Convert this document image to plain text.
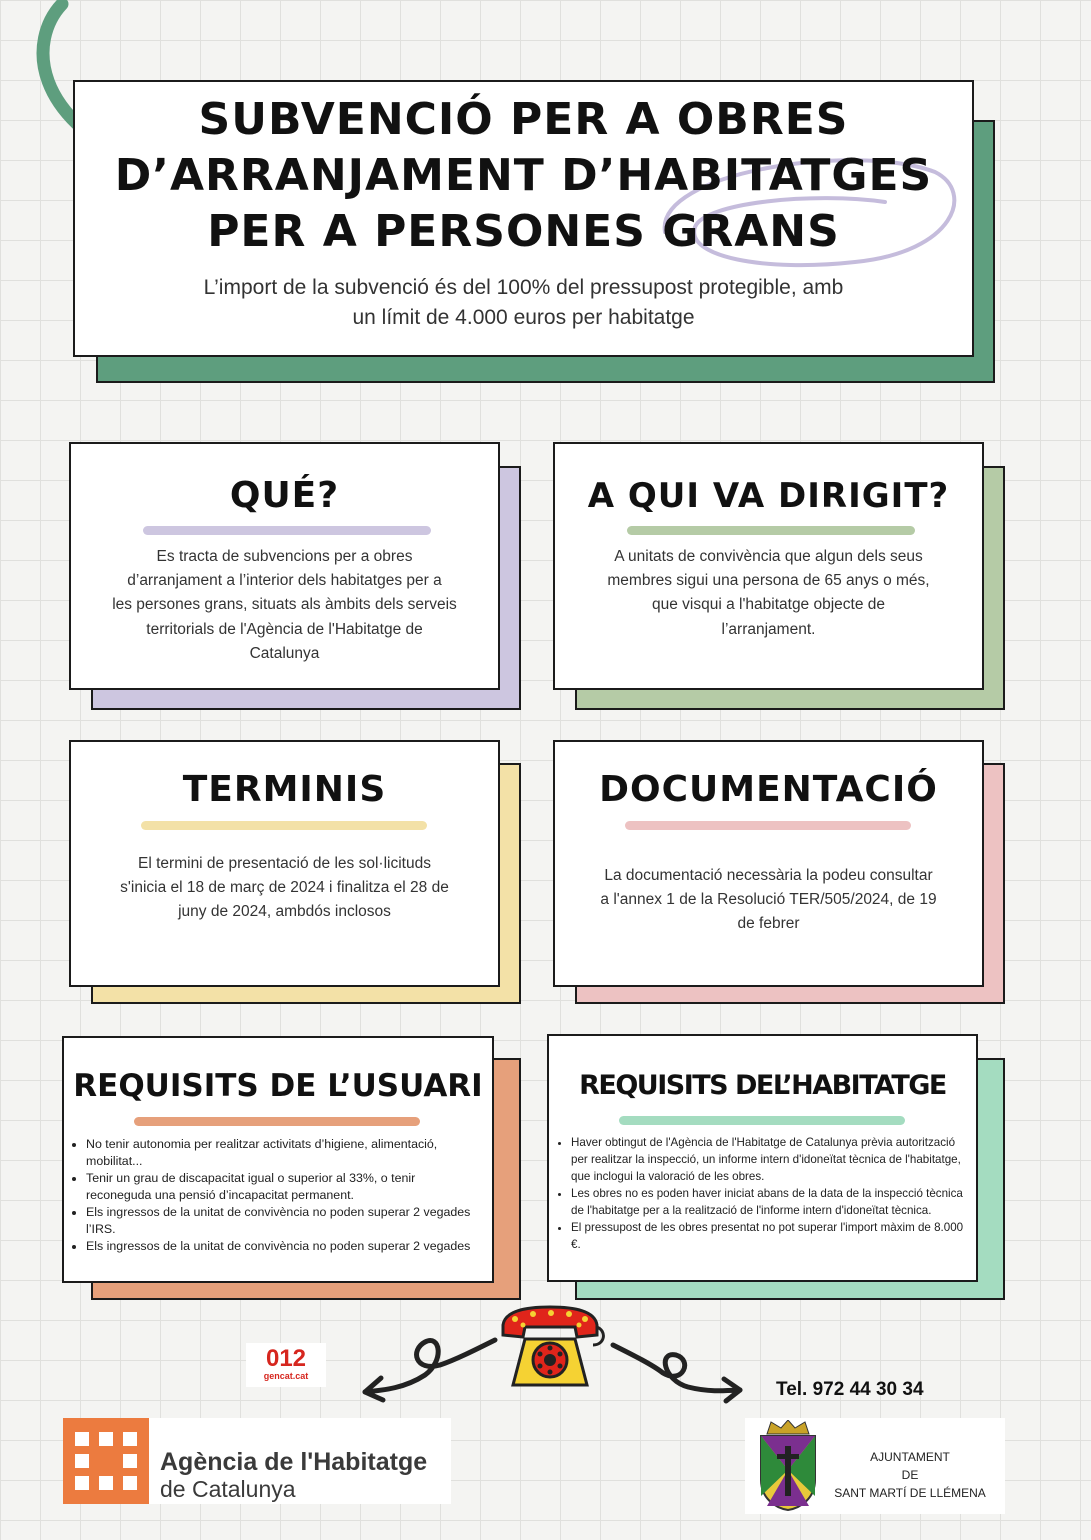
SUBVENCIÓ PER A OBRES
D’ARRANJAMENT D’HABITATGES
PER A PERSONES GRANS
L’import de la subvenció és del 100% del pressupost protegible, amb
un límit de 4.000 euros per habitatge
QUÉ?
Es tracta de subvencions per a obres
d’arranjament a l’interior dels habitatges per a
les persones grans, situats als àmbits dels serveis
territorials de l'Agència de l'Habitatge de
Catalunya
A QUI VA DIRIGIT?
A unitats de convivència que algun dels seus
membres sigui una persona de 65 anys o més,
que visqui a l'habitatge objecte de
l’arranjament.
TERMINIS
El termini de presentació de les sol·licituds
s'inicia el 18 de març de 2024 i finalitza el 28 de
juny de 2024, ambdós inclosos
DOCUMENTACIÓ
La documentació necessària la podeu consultar
a l'annex 1 de la Resolució TER/505/2024, de 19
de febrer
REQUISITS DE L’USUARI
• No tenir autonomia per realitzar activitats d’higiene, alimentació, mobilitat...
• Tenir un grau de discapacitat igual o superior al 33%, o tenir reconeguda una pensió d’incapacitat permanent.
• Els ingressos de la unitat de convivència no poden superar 2 vegades l’IRS.
• Els ingressos de la unitat de convivència no poden superar 2 vegades
REQUISITS DEL’HABITATGE
• Haver obtingut de l'Agència de l'Habitatge de Catalunya prèvia autorització per realitzar la inspecció, un informe intern d'idoneïtat tècnica de l'habitatge, que inclogui la valoració de les obres.
• Les obres no es poden haver iniciat abans de la data de la inspecció tècnica de l'habitatge per a la realització de l'informe intern d'idoneïtat tècnica.
• El pressupost de les obres presentat no pot superar l'import màxim de 8.000 €.
012
gencat.cat
Tel. 972 44 30 34
Agència de l'Habitatge
de Catalunya
AJUNTAMENT
DE
SANT MARTÍ DE LLÉMENA
